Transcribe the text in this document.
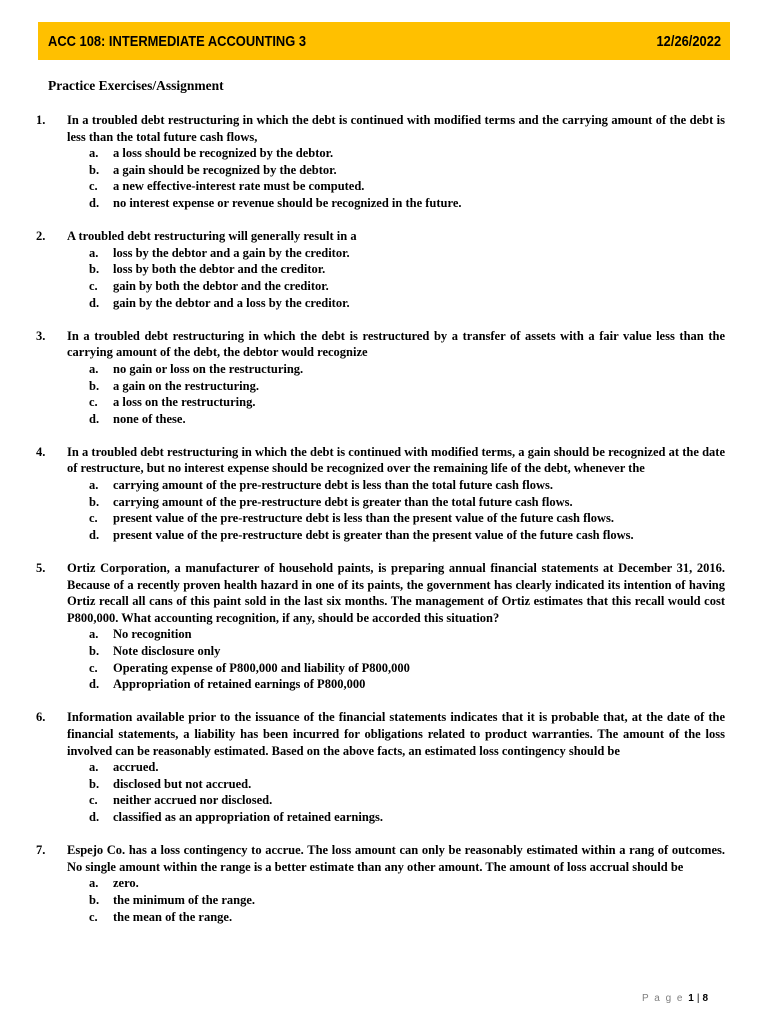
ACC 108: INTERMEDIATE ACCOUNTING 3	12/26/2022
Practice Exercises/Assignment
1. In a troubled debt restructuring in which the debt is continued with modified terms and the carrying amount of the debt is less than the total future cash flows,
a. a loss should be recognized by the debtor.
b. a gain should be recognized by the debtor.
c. a new effective-interest rate must be computed.
d. no interest expense or revenue should be recognized in the future.
2. A troubled debt restructuring will generally result in a
a. loss by the debtor and a gain by the creditor.
b. loss by both the debtor and the creditor.
c. gain by both the debtor and the creditor.
d. gain by the debtor and a loss by the creditor.
3. In a troubled debt restructuring in which the debt is restructured by a transfer of assets with a fair value less than the carrying amount of the debt, the debtor would recognize
a. no gain or loss on the restructuring.
b. a gain on the restructuring.
c. a loss on the restructuring.
d. none of these.
4. In a troubled debt restructuring in which the debt is continued with modified terms, a gain should be recognized at the date of restructure, but no interest expense should be recognized over the remaining life of the debt, whenever the
a. carrying amount of the pre-restructure debt is less than the total future cash flows.
b. carrying amount of the pre-restructure debt is greater than the total future cash flows.
c. present value of the pre-restructure debt is less than the present value of the future cash flows.
d. present value of the pre-restructure debt is greater than the present value of the future cash flows.
5. Ortiz Corporation, a manufacturer of household paints, is preparing annual financial statements at December 31, 2016. Because of a recently proven health hazard in one of its paints, the government has clearly indicated its intention of having Ortiz recall all cans of this paint sold in the last six months. The management of Ortiz estimates that this recall would cost P800,000. What accounting recognition, if any, should be accorded this situation?
a. No recognition
b. Note disclosure only
c. Operating expense of P800,000 and liability of P800,000
d. Appropriation of retained earnings of P800,000
6. Information available prior to the issuance of the financial statements indicates that it is probable that, at the date of the financial statements, a liability has been incurred for obligations related to product warranties. The amount of the loss involved can be reasonably estimated. Based on the above facts, an estimated loss contingency should be
a. accrued.
b. disclosed but not accrued.
c. neither accrued nor disclosed.
d. classified as an appropriation of retained earnings.
7. Espejo Co. has a loss contingency to accrue. The loss amount can only be reasonably estimated within a rang of outcomes. No single amount within the range is a better estimate than any other amount. The amount of loss accrual should be
a. zero.
b. the minimum of the range.
c. the mean of the range.
P a g e 1 | 8
